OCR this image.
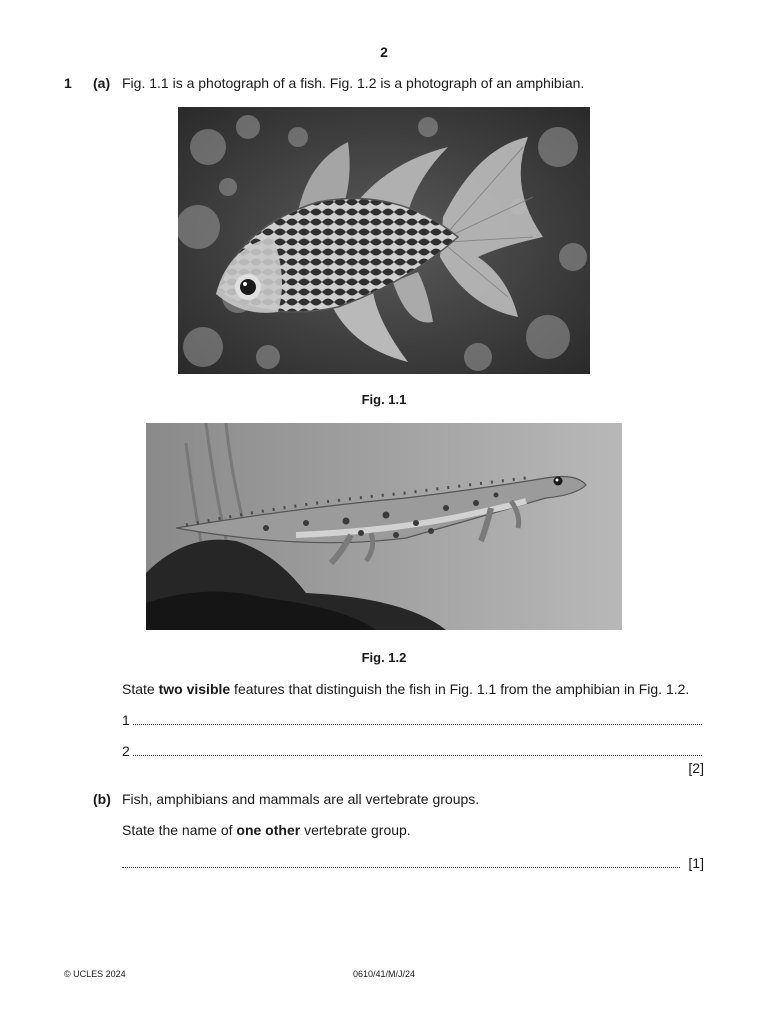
2
1 (a) Fig. 1.1 is a photograph of a fish. Fig. 1.2 is a photograph of an amphibian.
Fig. 1.1
Fig. 1.2
State two visible features that distinguish the fish in Fig. 1.1 from the amphibian in Fig. 1.2.
1
2
[2]
(b) Fish, amphibians and mammals are all vertebrate groups.
State the name of one other vertebrate group.
[1]
© UCLES 2024	0610/41/M/J/24
